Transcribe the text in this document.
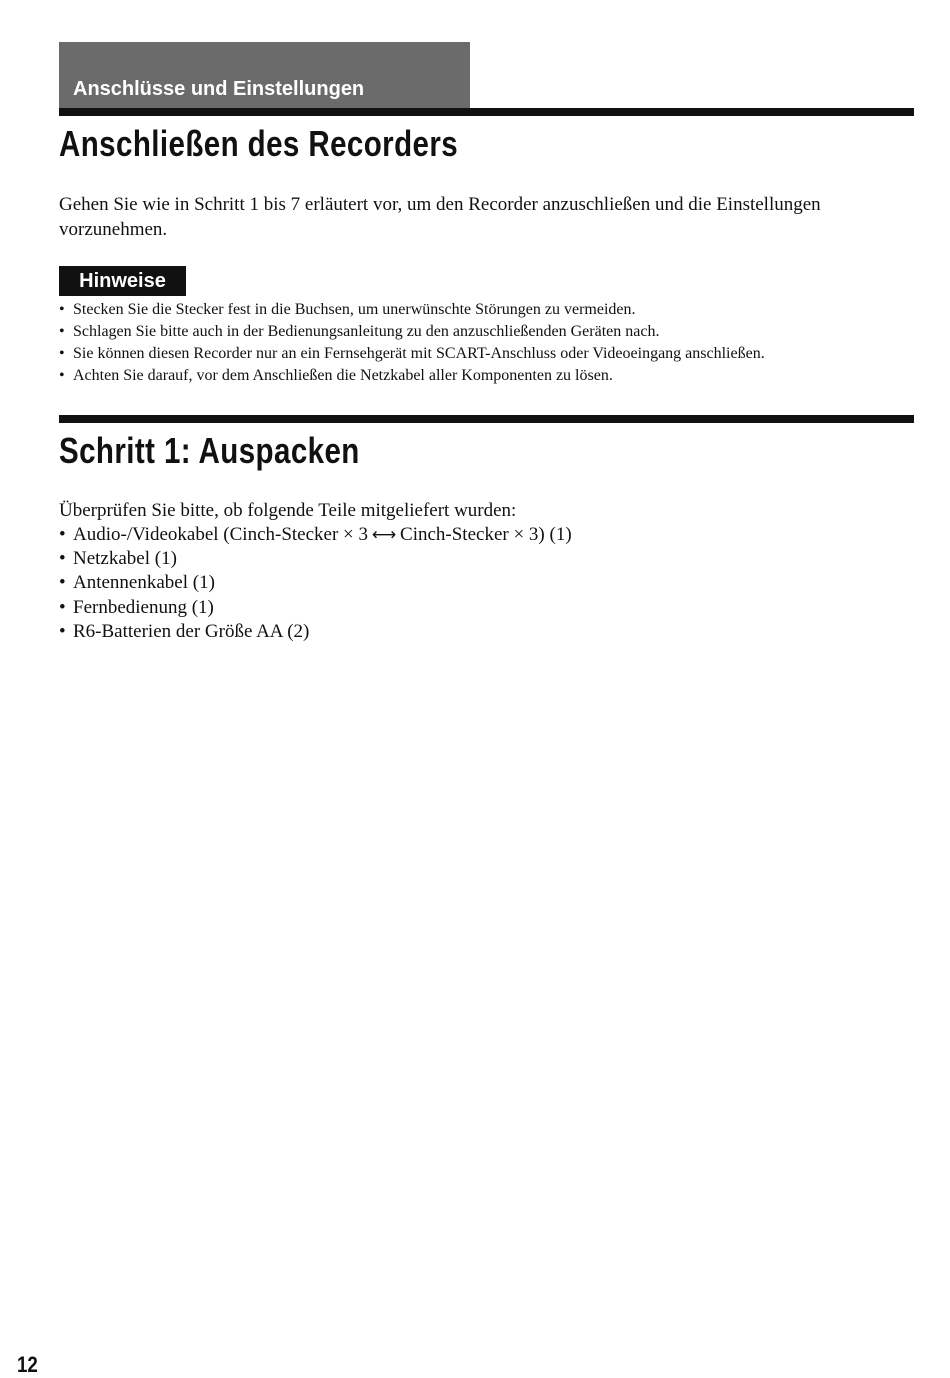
Anschlüsse und Einstellungen
Anschließen des Recorders

Gehen Sie wie in Schritt 1 bis 7 erläutert vor, um den Recorder anzuschließen und die Einstellungen vorzunehmen.

Hinweise
• Stecken Sie die Stecker fest in die Buchsen, um unerwünschte Störungen zu vermeiden.
• Schlagen Sie bitte auch in der Bedienungsanleitung zu den anzuschließenden Geräten nach.
• Sie können diesen Recorder nur an ein Fernsehgerät mit SCART-Anschluss oder Videoeingang anschließen.
• Achten Sie darauf, vor dem Anschließen die Netzkabel aller Komponenten zu lösen.
Schritt 1: Auspacken

Überprüfen Sie bitte, ob folgende Teile mitgeliefert wurden:

• Audio-/Videokabel (Cinch-Stecker × 3 ⟷ Cinch-Stecker × 3) (1)
• Netzkabel (1)
• Antennenkabel (1)
• Fernbedienung (1)
• R6-Batterien der Größe AA (2)
12
